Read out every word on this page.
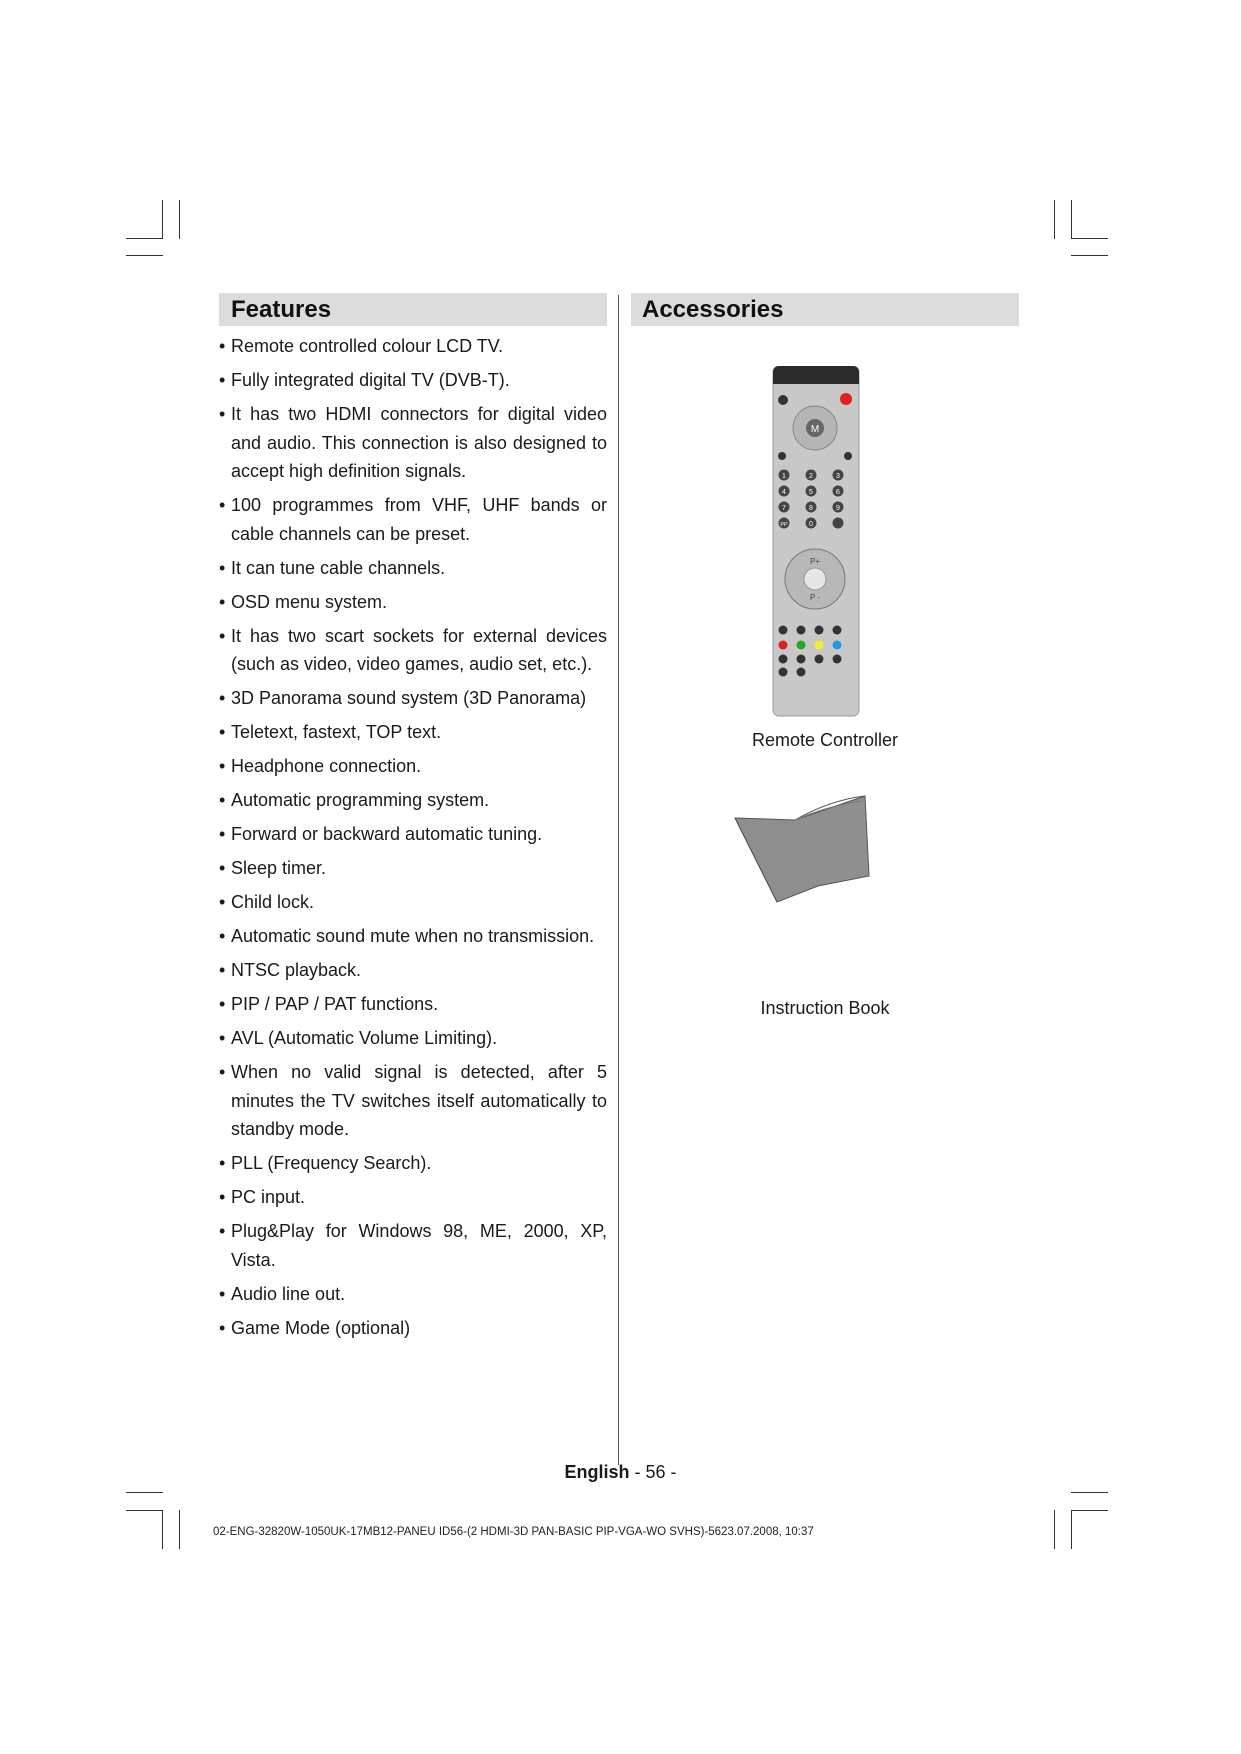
Features
• Remote controlled colour LCD TV.
• Fully integrated digital TV (DVB-T).
• It has two HDMI connectors for digital video and audio. This connection is also designed to accept high definition signals.
• 100 programmes from VHF, UHF bands or cable channels can be preset.
• It can tune cable channels.
• OSD menu system.
• It has two scart sockets for external devices (such as video, video games, audio set, etc.).
• 3D Panorama sound system (3D Panorama)
• Teletext, fastext, TOP text.
• Headphone connection.
• Automatic programming system.
• Forward or backward automatic tuning.
• Sleep timer.
• Child lock.
• Automatic sound mute when no transmission.
• NTSC playback.
• PIP / PAP / PAT functions.
• AVL (Automatic Volume Limiting).
• When no valid signal is detected, after 5 minutes the TV switches itself automatically to standby mode.
• PLL (Frequency Search).
• PC input.
• Plug&Play for Windows 98, ME, 2000, XP, Vista.
• Audio line out.
• Game Mode (optional)
Accessories
M
1	2	3
4	5	6
7	8	9
PP	0
P+
P -
Remote Controller
Instruction Book
English - 56 -
02-ENG-32820W-1050UK-17MB12-PANEU ID56-(2 HDMI-3D PAN-BASIC PIP-VGA-WO SVHS)-5623.07.2008, 10:37
